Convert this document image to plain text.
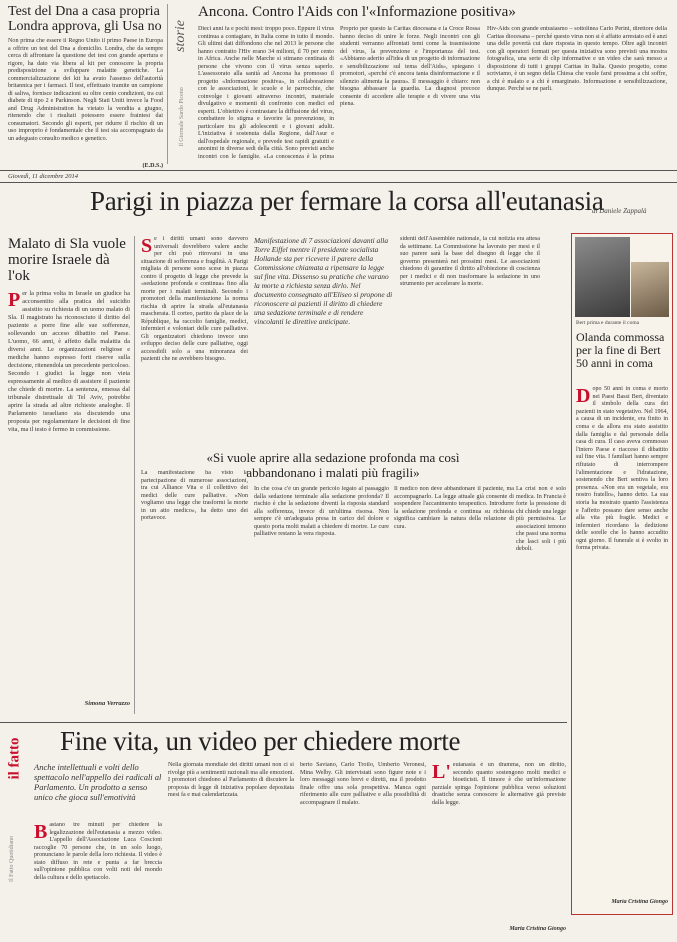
Test del Dna a casa propria Londra approva, gli Usa no
Non prima che essere il Regno Unito il primo Paese in Europa a offrire un test del Dna a domicilio. Londra, che da sempre cerca di affrontare la questione dei test con grande apertura e rigore, ha dato via libera al kit per conoscere la propria predisposizione a sviluppare malattie genetiche. La commercializzazione dei kit ha avuto l'assenso dell'autorità britannica per i farmaci. Il test, effettuato tramite un campione di saliva, fornisce indicazioni su oltre cento condizioni, tra cui diabete di tipo 2 e Parkinson. Negli Stati Uniti invece la Food and Drug Administration ha vietato la vendita a giugno, ritenendo che i risultati potessero essere fraintesi dai consumatori. Secondo gli esperti, per ridurre il rischio di un uso improprio è fondamentale che il test sia accompagnato da un adeguato consulto medico e genetico.
(E.D.S.)
storie
Il Giornale Sardo Piceno
Ancona. Contro l'Aids con l'«Informazione positiva»
Dieci anni fa e pochi mesi: troppo poco. Eppure il virus continua a contagiare, in Italia come in tutto il mondo. Gli ultimi dati diffondono che nel 2013 le persone che hanno contratto l'Hiv erano 34 milioni, il 70 per cento in Africa. Anche nelle Marche si stimano centinaia di persone che vivono con il virus senza saperlo. L'assessorato alla sanità ad Ancona ha promosso il progetto «Informazione positiva», in collaborazione con le associazioni, le scuole e le parrocchie, che coinvolge i giovani attraverso incontri, materiale divulgativo e momenti di confronto con medici ed esperti. L'obiettivo è contrastare la diffusione del virus, combattere lo stigma e favorire la prevenzione, in particolare tra gli adolescenti e i giovani adulti. L'iniziativa è sostenuta dalla Regione, dall'Asur e dall'ospedale regionale, e prevede test rapidi gratuiti e anonimi in diverse sedi della città. Sono previsti anche incontri con le famiglie. «La conoscenza è la prima
Proprio per questo la Caritas diocesana e la Croce Rossa hanno deciso di unire le forze. Negli incontri con gli studenti verranno affrontati temi come la trasmissione del virus, la prevenzione e l'importanza del test. «Abbiamo aderito all'idea di un progetto di informazione e sensibilizzazione sul tema dell'Aids», spiegano i promotori, «perché c'è ancora tanta disinformazione e il silenzio alimenta la paura». Il messaggio è chiaro: non bisogna abbassare la guardia. La diagnosi precoce consente di accedere alle terapie e di vivere una vita piena.
Hiv-Aids con grande entusiasmo – sottolinea Carlo Perini, direttore della Caritas diocesana – perché questo virus non si è affatto arrestato ed è anzi una delle povertà cui dare risposta in questo tempo. Oltre agli incontri con gli operatori formati per questa iniziativa sono previsti una mostra fotografica, una serie di clip informative e un video che sarà messo a disposizione di tutti i gruppi Caritas in Italia. Questo progetto, come scriviamo, è un segno della Chiesa che vuole farsi prossima a chi soffre, a chi è malato e a chi è emarginato. Informazione e sensibilizzazione, dunque. Perché se ne parli.
Giovedì, 11 dicembre 2014
Parigi in piazza per fermare la corsa all'eutanasia
di Daniele Zappalà
Malato di Sla vuole morire Israele dà l'ok
Per la prima volta in Israele un giudice ha acconsentito alla pratica del suicidio assistito su richiesta di un uomo malato di Sla. Il magistrato ha riconosciuto il diritto del paziente a porre fine alle sue sofferenze, sollevando un acceso dibattito nel Paese. L'uomo, 66 anni, è affetto dalla malattia da diversi anni. Le organizzazioni religiose e mediche hanno espresso forti riserve sulla decisione, ritenendola un precedente pericoloso. Secondo i giudici la legge non vieta espressamente al medico di assistere il paziente che chiede di morire. La sentenza, emessa dal tribunale distrettuale di Tel Aviv, potrebbe aprire la strada ad altre richieste analoghe. Il Parlamento israeliano sta discutendo una proposta per regolamentare le decisioni di fine vita, ma il testo è fermo in commissione.
Simona Verrazzo
Se i diritti umani sono davvero universali dovrebbero valere anche per chi può ritrovarsi in una situazione di sofferenza e fragilità. A Parigi migliaia di persone sono scese in piazza contro il progetto di legge che prevede la «sedazione profonda e continua» fino alla morte per i malati terminali. Secondo i promotori della manifestazione la norma rischia di aprire la strada all'eutanasia mascherata. Il corteo, partito da place de la République, ha raccolto famiglie, medici, infermieri e volontari delle cure palliative. Gli organizzatori chiedono invece uno sviluppo deciso delle cure palliative, oggi accessibili solo a una minoranza dei pazienti che ne avrebbero bisogno.
La manifestazione ha visto la partecipazione di numerose associazioni, tra cui Alliance Vita e il collettivo dei medici delle cure palliative. «Non vogliamo una legge che trasformi la morte in un atto medico», ha detto uno dei portavoce.
Manifestazione di 7 associazioni davanti alla Torre Eiffel mentre il presidente socialista Hollande sta per ricevere il parere della Commissione chiamata a ripensare la legge sul fine vita. Dissenso su pratiche che varano la morte a richiesta senza dirlo. Nel documento consegnato all'Eliseo si propone di riconoscere ai pazienti il diritto di chiedere una sedazione terminale e di rendere vincolanti le direttive anticipate.
sidenti dell'Assemblée nationale, la cui notizia era attesa da settimane. La Commissione ha lavorato per mesi e il suo parere sarà la base del disegno di legge che il governo presenterà nei prossimi mesi. Le associazioni chiedono di garantire il diritto all'obiezione di coscienza per i medici e di non trasformare la sedazione in uno strumento per accelerare la morte.
«Si vuole aprire alla sedazione profonda ma così abbandonano i malati più fragili»
In che cosa c'è un grande pericolo legato al passaggio dalla sedazione terminale alla sedazione profonda? Il rischio è che la sedazione diventi la risposta standard alla sofferenza, invece di un'ultima risorsa. Non sempre c'è un'adeguata presa in carico del dolore e questo porta molti malati a chiedere di morire. Le cure palliative restano la vera risposta.
Il medico non deve abbandonare il paziente, ma accompagnarlo. La legge attuale già consente di sospendere l'accanimento terapeutico. Introdurre la sedazione profonda e continua su richiesta significa cambiare la natura della relazione di cura.
La crisi non è solo medica. In Francia è forte la pressione di chi chiede una legge più permissiva. Le associazioni temono che passi una norma che lasci soli i più deboli.
Bert prima e durante il coma
Olanda commossa per la fine di Bert 50 anni in coma
Dopo 50 anni in coma è morto nei Paesi Bassi Bert, diventato il simbolo della cura dei pazienti in stato vegetativo. Nel 1964, a causa di un incidente, era finito in coma e da allora era stato assistito dalla famiglia e dal personale della casa di cura. Il caso aveva commosso l'intero Paese e riacceso il dibattito sul fine vita. I familiari hanno sempre rifiutato di interrompere l'alimentazione e l'idratazione, sostenendo che Bert sentiva la loro presenza. «Non era un vegetale, era nostro fratello», hanno detto. La sua storia ha mostrato quanto l'assistenza e l'affetto possano dare senso anche alla vita più fragile. Medici e infermieri ricordano la dedizione delle sorelle che lo hanno accudito ogni giorno. Il funerale si è svolto in forma privata.
Maria Cristina Giongo
il fatto
Il Fatto Quotidiano
Fine vita, un video per chiedere morte
Anche intellettuali e volti dello spettacolo nell'appello dei radicali al Parlamento. Un prodotto a senso unico che gioca sull'emotività
Bastano tre minuti per chiedere la legalizzazione dell'eutanasia a mezzo video. L'appello dell'Associazione Luca Coscioni raccoglie 70 persone che, in un solo luogo, pronunciano le parole della loro richiesta. Il video è stato diffuso in rete e punta a far breccia sull'opinione pubblica con volti noti del mondo della cultura e dello spettacolo.
Nella giornata mondiale dei diritti umani non ci si rivolge più a sentimenti razionali ma alle emozioni. I promotori chiedono al Parlamento di discutere la proposta di legge di iniziativa popolare depositata mesi fa e mai calendarizzata.
berto Saviano, Carlo Troilo, Umberto Veronesi, Mina Welby. Gli intervistati sono figure note e i loro messaggi sono brevi e diretti, ma il prodotto finale offre una sola prospettiva. Manca ogni riferimento alle cure palliative e alla possibilità di accompagnare il malato.
L'eutanasia è un dramma, non un diritto, secondo quanto sostengono molti medici e bioeticisti. Il timore è che un'informazione parziale spinga l'opinione pubblica verso soluzioni drastiche senza conoscere le alternative già previste dalla legge.
Marta Cristina Giongo
